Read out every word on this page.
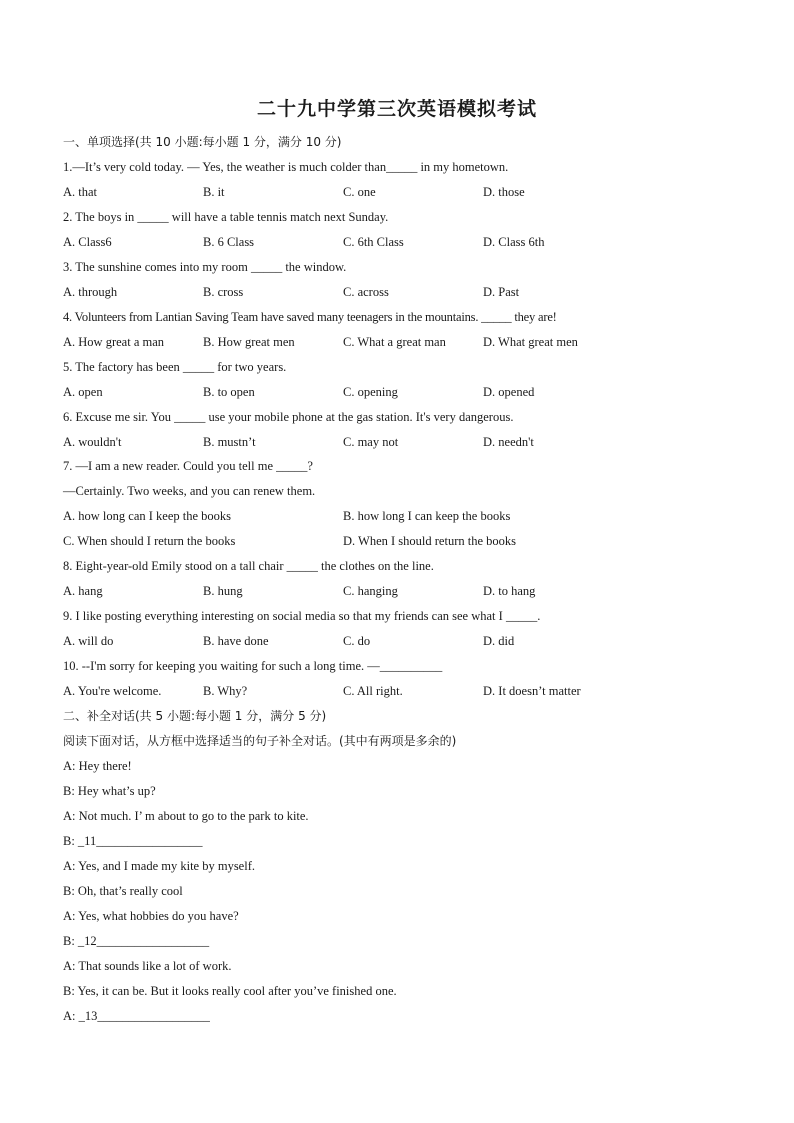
二十九中学第三次英语模拟考试
一、单项选择(共 10 小题:每小题 1 分，满分 10 分)
1.—It’s very cold today. — Yes, the weather is much colder than_____ in my hometown.
A. that	B. it	C. one	D. those
2. The boys in _____ will have a table tennis match next Sunday.
A. Class6	B. 6 Class	C. 6th Class	D. Class 6th
3. The sunshine comes into my room _____ the window.
A. through	B. cross	C. across	D. Past
4. Volunteers from Lantian Saving Team have saved many teenagers in the mountains. _____ they are!
A. How great a man	B. How great men	C. What a great man	D. What great men
5. The factory has been _____ for two years.
A. open	B. to open	C. opening	D. opened
6. Excuse me sir. You _____ use your mobile phone at the gas station. It's very dangerous.
A. wouldn't	B. mustn’t	C. may not	D. needn't
7. —I am a new reader. Could you tell me _____?
—Certainly. Two weeks, and you can renew them.
A. how long can I keep the books	B. how long I can keep the books
C. When should I return the books	D. When I should return the books
8. Eight-year-old Emily stood on a tall chair _____ the clothes on the line.
A. hang	B. hung	C. hanging	D. to hang
9. I like posting everything interesting on social media so that my friends can see what I _____.
A. will do	B. have done	C. do	D. did
10. --I'm sorry for keeping you waiting for such a long time. —__________
A. You're welcome.	B. Why?	C. All right.	D. It doesn’t matter
二、补全对话(共 5 小题:每小题 1 分，满分 5 分)
阅读下面对话，从方框中选择适当的句子补全对话。(其中有两项是多余的)
A: Hey there!
B: Hey what’s up?
A: Not much. I’ m about to go to the park to kite.
B: _11_________________
A: Yes, and I made my kite by myself.
B: Oh, that’s really cool
A: Yes, what hobbies do you have?
B: _12__________________
A: That sounds like a lot of work.
B: Yes, it can be. But it looks really cool after you’ve finished one.
A: _13__________________
